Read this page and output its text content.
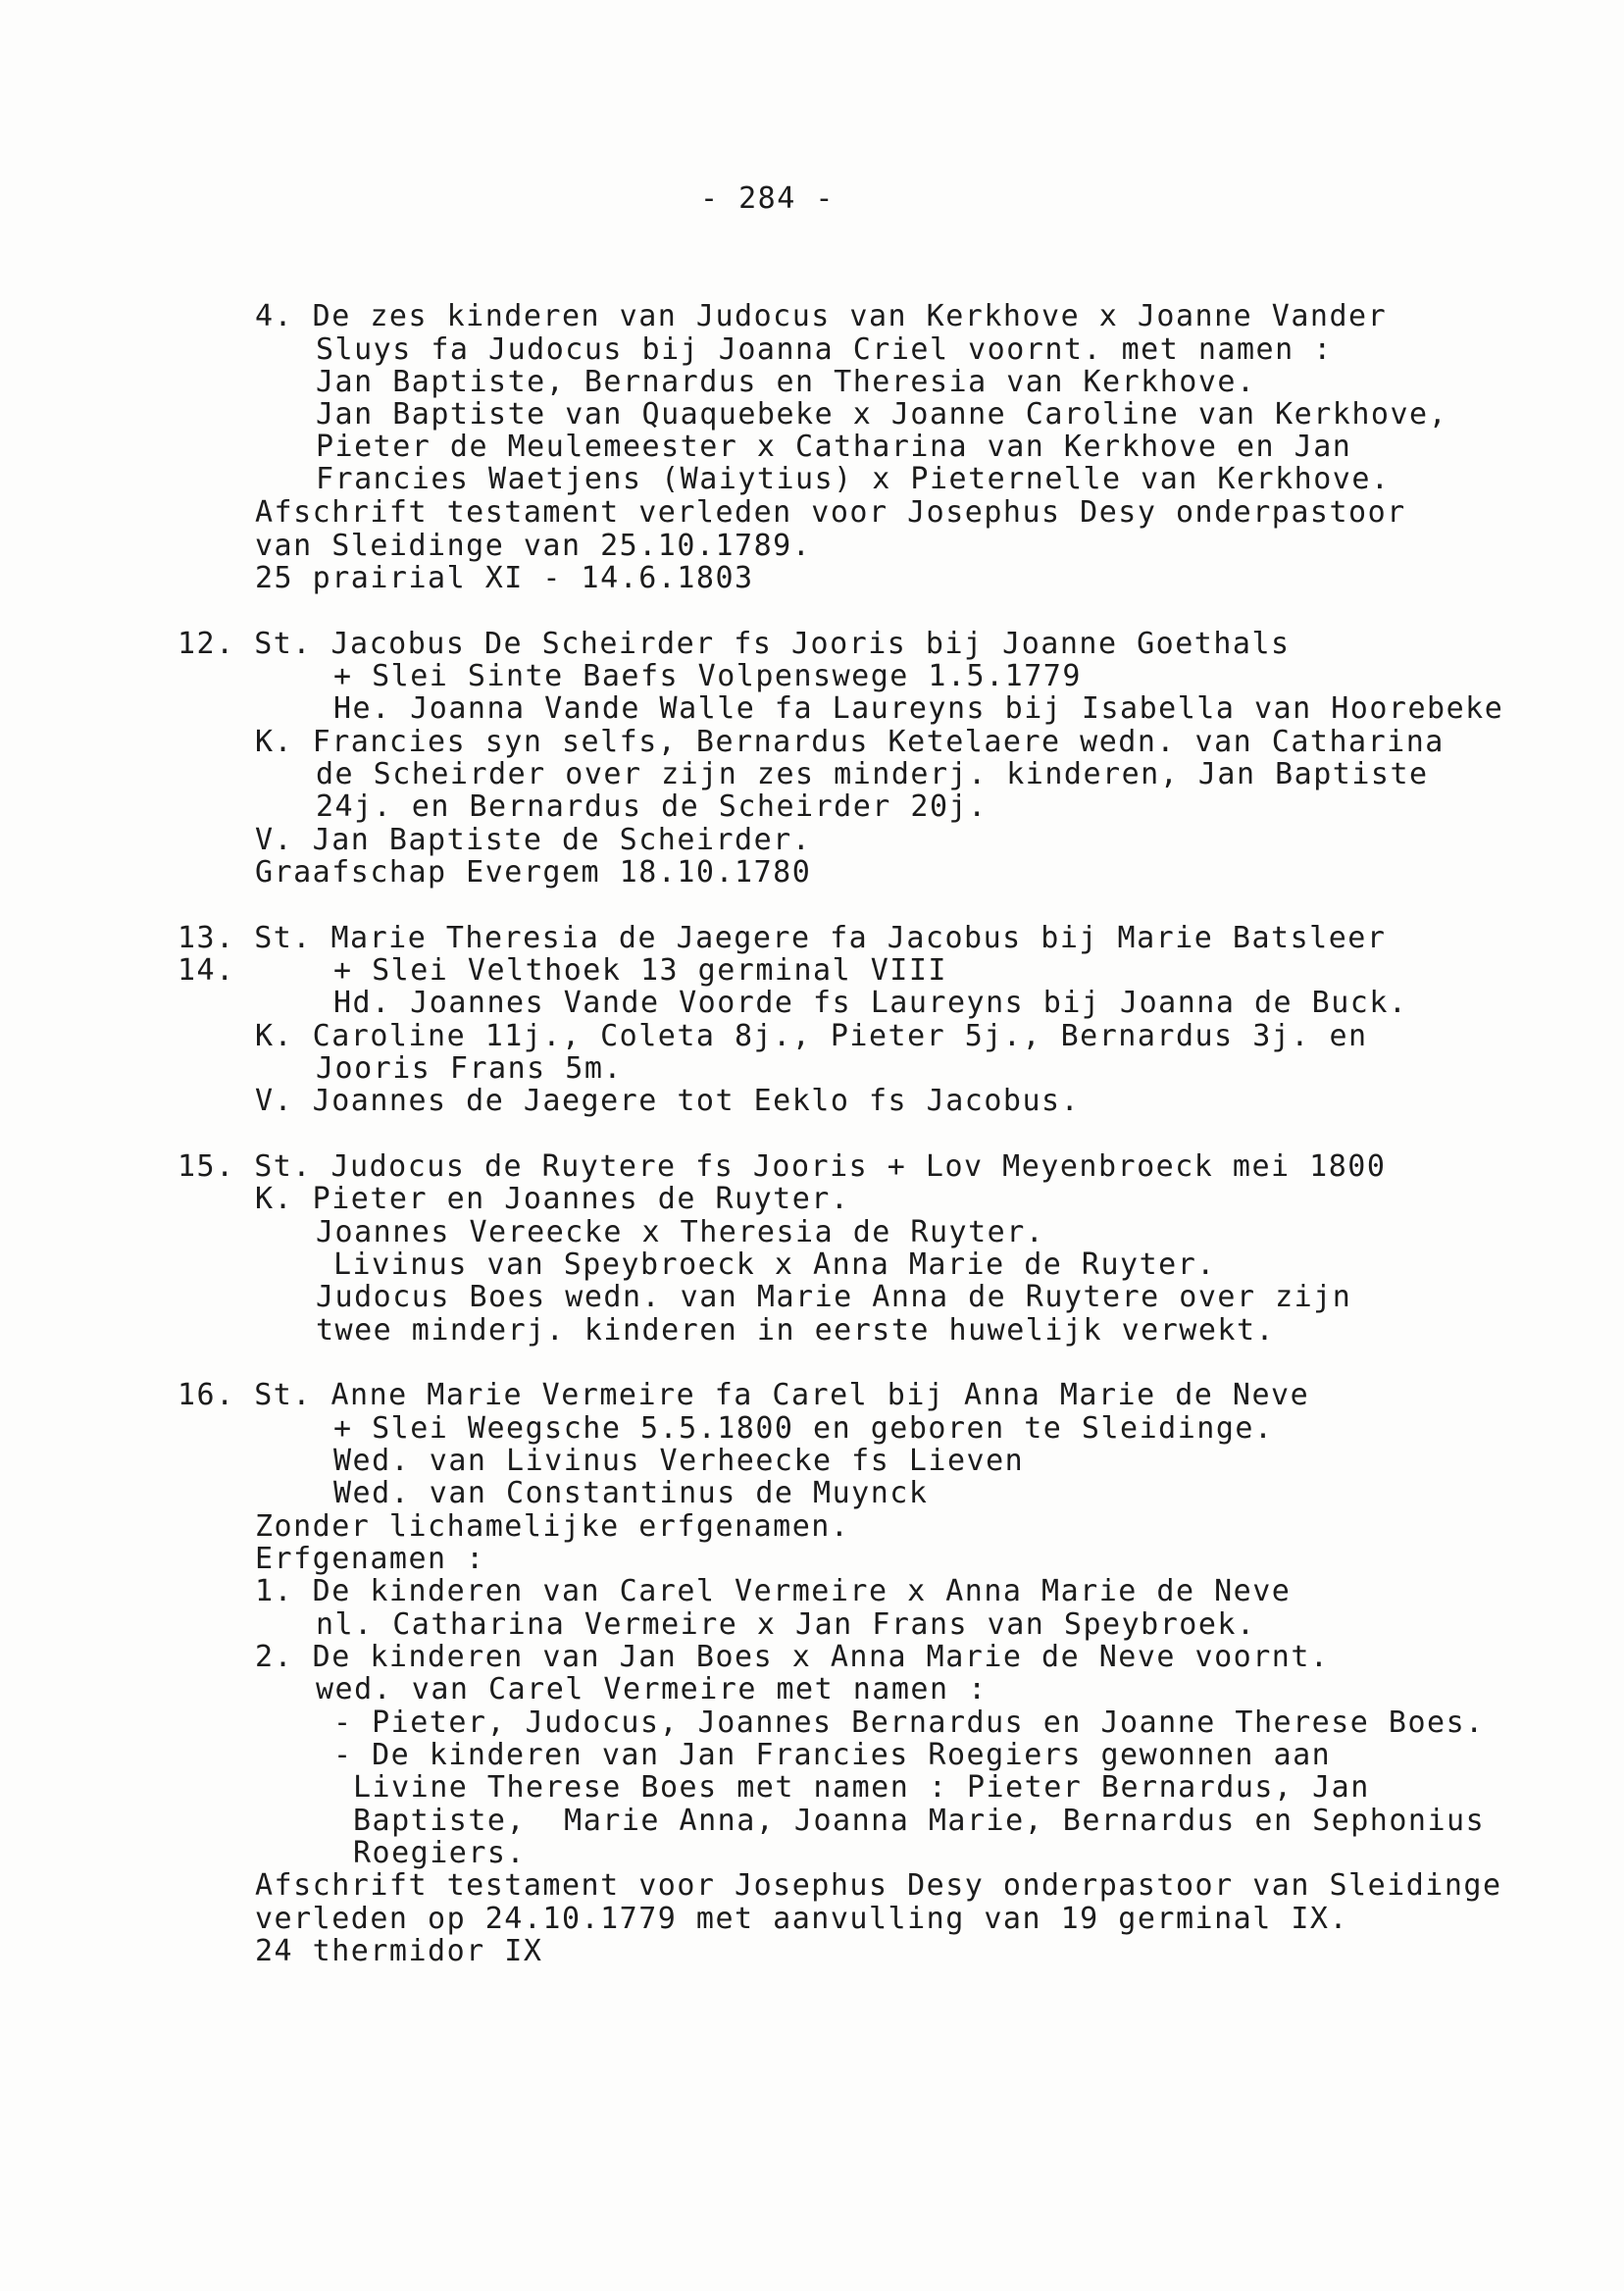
- 284 -
4. De zes kinderen van Judocus van Kerkhove x Joanne Vander
Sluys fa Judocus bij Joanna Criel voornt. met namen :
Jan Baptiste, Bernardus en Theresia van Kerkhove.
Jan Baptiste van Quaquebeke x Joanne Caroline van Kerkhove,
Pieter de Meulemeester x Catharina van Kerkhove en Jan
Francies Waetjens (Waiytius) x Pieternelle van Kerkhove.
Afschrift testament verleden voor Josephus Desy onderpastoor
van Sleidinge van 25.10.1789.
25 prairial XI - 14.6.1803
12. St. Jacobus De Scheirder fs Jooris bij Joanne Goethals
+ Slei Sinte Baefs Volpenswege 1.5.1779
He. Joanna Vande Walle fa Laureyns bij Isabella van Hoorebeke
K. Francies syn selfs, Bernardus Ketelaere wedn. van Catharina
de Scheirder over zijn zes minderj. kinderen, Jan Baptiste
24j. en Bernardus de Scheirder 20j.
V. Jan Baptiste de Scheirder.
Graafschap Evergem 18.10.1780
13. St. Marie Theresia de Jaegere fa Jacobus bij Marie Batsleer
14.	+ Slei Velthoek 13 germinal VIII
Hd. Joannes Vande Voorde fs Laureyns bij Joanna de Buck.
K. Caroline 11j., Coleta 8j., Pieter 5j., Bernardus 3j. en
Jooris Frans 5m.
V. Joannes de Jaegere tot Eeklo fs Jacobus.
15. St. Judocus de Ruytere fs Jooris + Lov Meyenbroeck mei 1800
K. Pieter en Joannes de Ruyter.
Joannes Vereecke x Theresia de Ruyter.
Livinus van Speybroeck x Anna Marie de Ruyter.
Judocus Boes wedn. van Marie Anna de Ruytere over zijn
twee minderj. kinderen in eerste huwelijk verwekt.
16. St. Anne Marie Vermeire fa Carel bij Anna Marie de Neve
+ Slei Weegsche 5.5.1800 en geboren te Sleidinge.
Wed. van Livinus Verheecke fs Lieven
Wed. van Constantinus de Muynck
Zonder lichamelijke erfgenamen.
Erfgenamen :
1. De kinderen van Carel Vermeire x Anna Marie de Neve
nl. Catharina Vermeire x Jan Frans van Speybroek.
2. De kinderen van Jan Boes x Anna Marie de Neve voornt.
wed. van Carel Vermeire met namen :
- Pieter, Judocus, Joannes Bernardus en Joanne Therese Boes.
- De kinderen van Jan Francies Roegiers gewonnen aan
Livine Therese Boes met namen : Pieter Bernardus, Jan
Baptiste,  Marie Anna, Joanna Marie, Bernardus en Sephonius
Roegiers.
Afschrift testament voor Josephus Desy onderpastoor van Sleidinge
verleden op 24.10.1779 met aanvulling van 19 germinal IX.
24 thermidor IX
